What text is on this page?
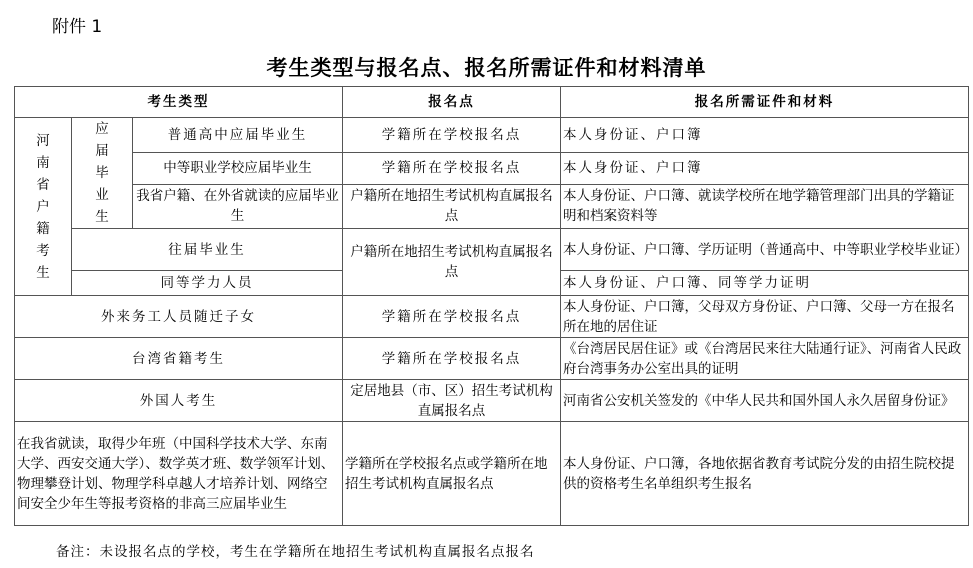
附件 1
考生类型与报名点、报名所需证件和材料清单
考生类型			报名点	报名所需证件和材料

河南省户籍考生	应届毕业生	普通高中应届毕业生	学籍所在学校报名点	本人身份证、户口簿
		中等职业学校应届毕业生	学籍所在学校报名点	本人身份证、户口簿
		我省户籍、在外省就读的应届毕业生	户籍所在地招生考试机构直属报名点	本人身份证、户口簿、就读学校所在地学籍管理部门出具的学籍证明和档案资料等
	往届毕业生		户籍所在地招生考试机构直属报名点	本人身份证、户口簿、学历证明（普通高中、中等职业学校毕业证）
	同等学力人员			本人身份证、户口簿、同等学力证明
外来务工人员随迁子女			学籍所在学校报名点	本人身份证、户口簿，父母双方身份证、户口簿、父母一方在报名所在地的居住证
台湾省籍考生			学籍所在学校报名点	《台湾居民居住证》或《台湾居民来往大陆通行证》、河南省人民政府台湾事务办公室出具的证明
外国人考生			定居地县（市、区）招生考试机构直属报名点	河南省公安机关签发的《中华人民共和国外国人永久居留身份证》
在我省就读，取得少年班（中国科学技术大学、东南大学、西安交通大学）、数学英才班、数学领军计划、物理攀登计划、物理学科卓越人才培养计划、网络空间安全少年生等报考资格的非高三应届毕业生			学籍所在学校报名点或学籍所在地招生考试机构直属报名点	本人身份证、户口簿，各地依据省教育考试院分发的由招生院校提供的资格考生名单组织考生报名
备注：未设报名点的学校，考生在学籍所在地招生考试机构直属报名点报名
